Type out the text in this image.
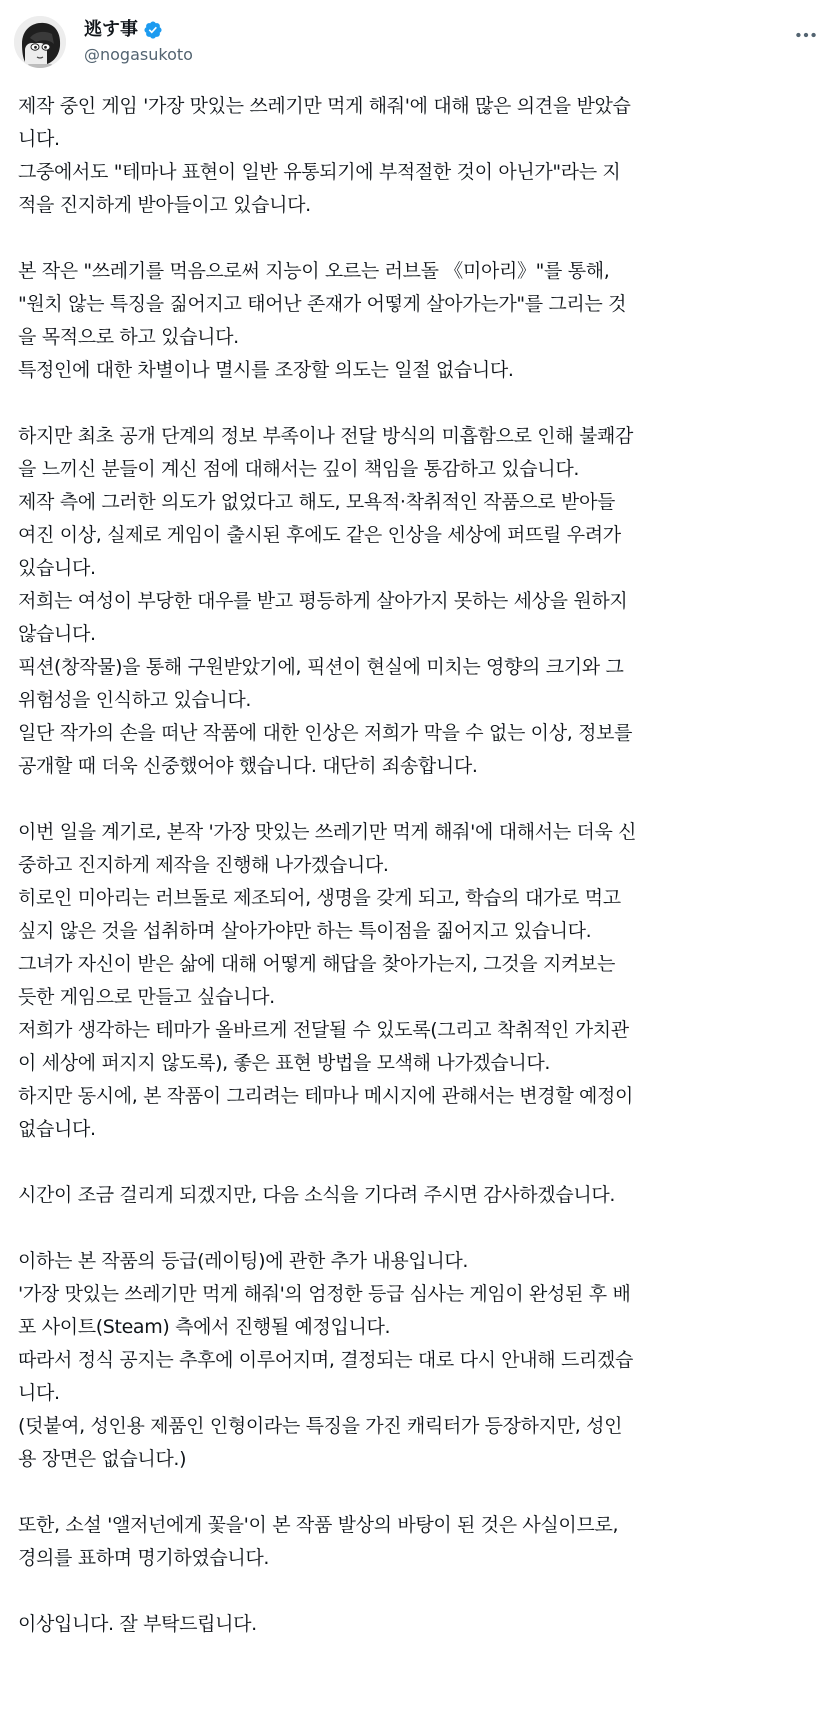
逃す事
@nogasukoto
제작 중인 게임 '가장 맛있는 쓰레기만 먹게 해줘'에 대해 많은 의견을 받았습
니다.
그중에서도 "테마나 표현이 일반 유통되기에 부적절한 것이 아닌가"라는 지
적을 진지하게 받아들이고 있습니다.
본 작은 "쓰레기를 먹음으로써 지능이 오르는 러브돌 《미아리》"를 통해,
"원치 않는 특징을 짊어지고 태어난 존재가 어떻게 살아가는가"를 그리는 것
을 목적으로 하고 있습니다.
특정인에 대한 차별이나 멸시를 조장할 의도는 일절 없습니다.
하지만 최초 공개 단계의 정보 부족이나 전달 방식의 미흡함으로 인해 불쾌감
을 느끼신 분들이 계신 점에 대해서는 깊이 책임을 통감하고 있습니다.
제작 측에 그러한 의도가 없었다고 해도, 모욕적·착취적인 작품으로 받아들
여진 이상, 실제로 게임이 출시된 후에도 같은 인상을 세상에 퍼뜨릴 우려가
있습니다.
저희는 여성이 부당한 대우를 받고 평등하게 살아가지 못하는 세상을 원하지
않습니다.
픽션(창작물)을 통해 구원받았기에, 픽션이 현실에 미치는 영향의 크기와 그
위험성을 인식하고 있습니다.
일단 작가의 손을 떠난 작품에 대한 인상은 저희가 막을 수 없는 이상, 정보를
공개할 때 더욱 신중했어야 했습니다. 대단히 죄송합니다.
이번 일을 계기로, 본작 '가장 맛있는 쓰레기만 먹게 해줘'에 대해서는 더욱 신
중하고 진지하게 제작을 진행해 나가겠습니다.
히로인 미아리는 러브돌로 제조되어, 생명을 갖게 되고, 학습의 대가로 먹고
싶지 않은 것을 섭취하며 살아가야만 하는 특이점을 짊어지고 있습니다.
그녀가 자신이 받은 삶에 대해 어떻게 해답을 찾아가는지, 그것을 지켜보는
듯한 게임으로 만들고 싶습니다.
저희가 생각하는 테마가 올바르게 전달될 수 있도록(그리고 착취적인 가치관
이 세상에 퍼지지 않도록), 좋은 표현 방법을 모색해 나가겠습니다.
하지만 동시에, 본 작품이 그리려는 테마나 메시지에 관해서는 변경할 예정이
없습니다.
시간이 조금 걸리게 되겠지만, 다음 소식을 기다려 주시면 감사하겠습니다.
이하는 본 작품의 등급(레이팅)에 관한 추가 내용입니다.
'가장 맛있는 쓰레기만 먹게 해줘'의 엄정한 등급 심사는 게임이 완성된 후 배
포 사이트(Steam) 측에서 진행될 예정입니다.
따라서 정식 공지는 추후에 이루어지며, 결정되는 대로 다시 안내해 드리겠습
니다.
(덧붙여, 성인용 제품인 인형이라는 특징을 가진 캐릭터가 등장하지만, 성인
용 장면은 없습니다.)
또한, 소설 '앨저넌에게 꽃을'이 본 작품 발상의 바탕이 된 것은 사실이므로,
경의를 표하며 명기하였습니다.
이상입니다. 잘 부탁드립니다.
